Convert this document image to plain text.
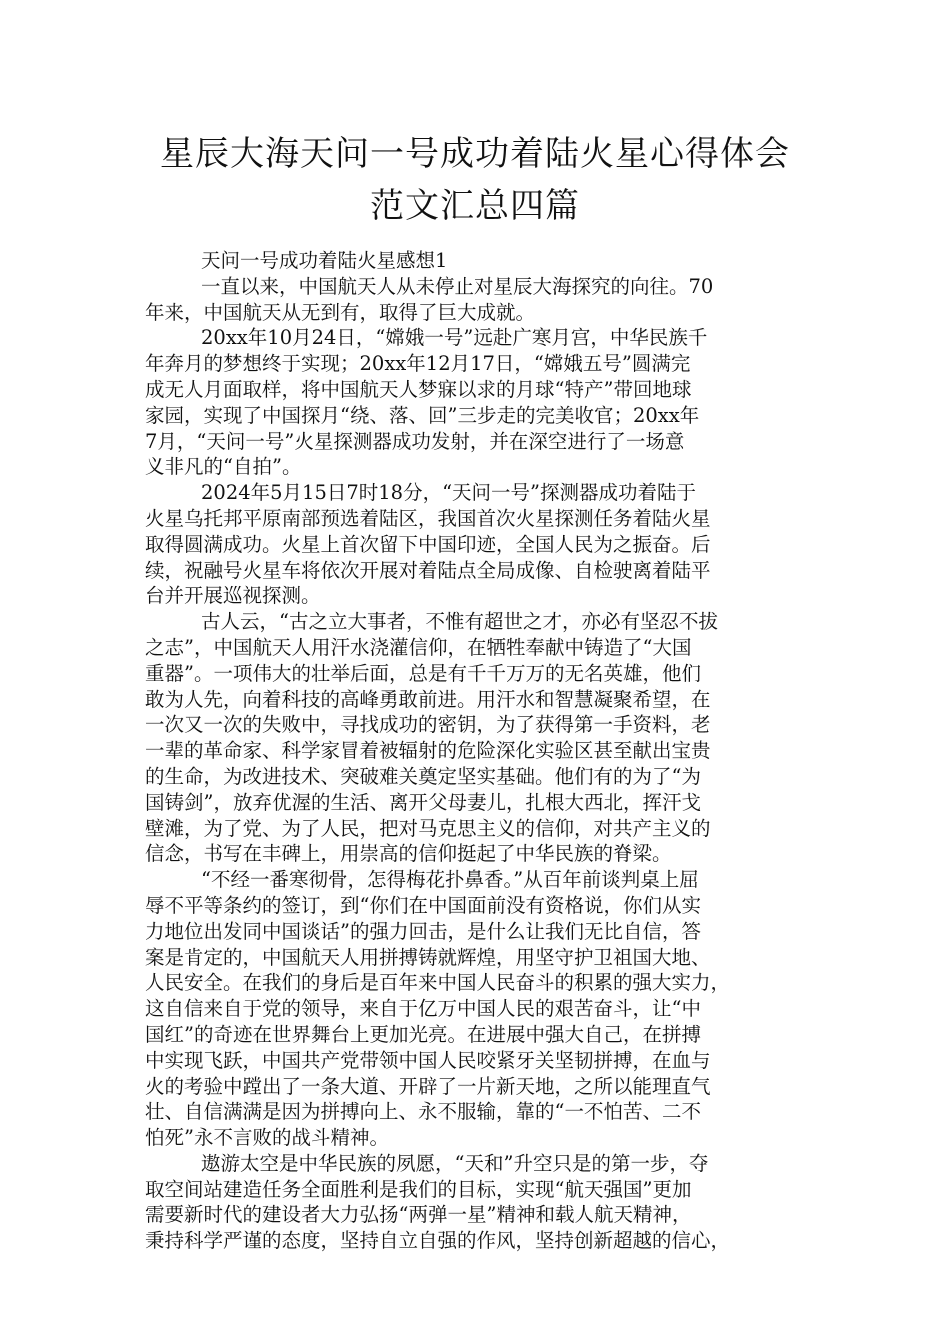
星辰大海天问一号成功着陆火星心得体会
范文汇总四篇
天问一号成功着陆火星感想1
一直以来，中国航天人从未停止对星辰大海探究的向往。70
年来，中国航天从无到有，取得了巨大成就。
20xx年10月24日，“嫦娥一号”远赴广寒月宫，中华民族千
年奔月的梦想终于实现；20xx年12月17日，“嫦娥五号”圆满完
成无人月面取样，将中国航天人梦寐以求的月球“特产”带回地球
家园，实现了中国探月“绕、落、回”三步走的完美收官；20xx年
7月，“天问一号”火星探测器成功发射，并在深空进行了一场意
义非凡的“自拍”。
2024年5月15日7时18分，“天问一号”探测器成功着陆于
火星乌托邦平原南部预选着陆区，我国首次火星探测任务着陆火星
取得圆满成功。火星上首次留下中国印迹，全国人民为之振奋。后
续，祝融号火星车将依次开展对着陆点全局成像、自检驶离着陆平
台并开展巡视探测。
古人云，“古之立大事者，不惟有超世之才，亦必有坚忍不拔
之志”，中国航天人用汗水浇灌信仰，在牺牲奉献中铸造了“大国
重器”。一项伟大的壮举后面，总是有千千万万的无名英雄，他们
敢为人先，向着科技的高峰勇敢前进。用汗水和智慧凝聚希望，在
一次又一次的失败中，寻找成功的密钥，为了获得第一手资料，老
一辈的革命家、科学家冒着被辐射的危险深化实验区甚至献出宝贵
的生命，为改进技术、突破难关奠定坚实基础。他们有的为了“为
国铸剑”，放弃优渥的生活、离开父母妻儿，扎根大西北，挥汗戈
壁滩，为了党、为了人民，把对马克思主义的信仰，对共产主义的
信念，书写在丰碑上，用崇高的信仰挺起了中华民族的脊梁。
“不经一番寒彻骨，怎得梅花扑鼻香。”从百年前谈判桌上屈
辱不平等条约的签订，到“你们在中国面前没有资格说，你们从实
力地位出发同中国谈话”的强力回击，是什么让我们无比自信，答
案是肯定的，中国航天人用拼搏铸就辉煌，用坚守护卫祖国大地、
人民安全。在我们的身后是百年来中国人民奋斗的积累的强大实力，
这自信来自于党的领导，来自于亿万中国人民的艰苦奋斗，让“中
国红”的奇迹在世界舞台上更加光亮。在进展中强大自己，在拼搏
中实现飞跃，中国共产党带领中国人民咬紧牙关坚韧拼搏，在血与
火的考验中蹚出了一条大道、开辟了一片新天地，之所以能理直气
壮、自信满满是因为拼搏向上、永不服输，靠的“一不怕苦、二不
怕死”永不言败的战斗精神。
遨游太空是中华民族的夙愿，“天和”升空只是的第一步，夺
取空间站建造任务全面胜利是我们的目标，实现“航天强国”更加
需要新时代的建设者大力弘扬“两弹一星”精神和载人航天精神，
秉持科学严谨的态度，坚持自立自强的作风，坚持创新超越的信心，
